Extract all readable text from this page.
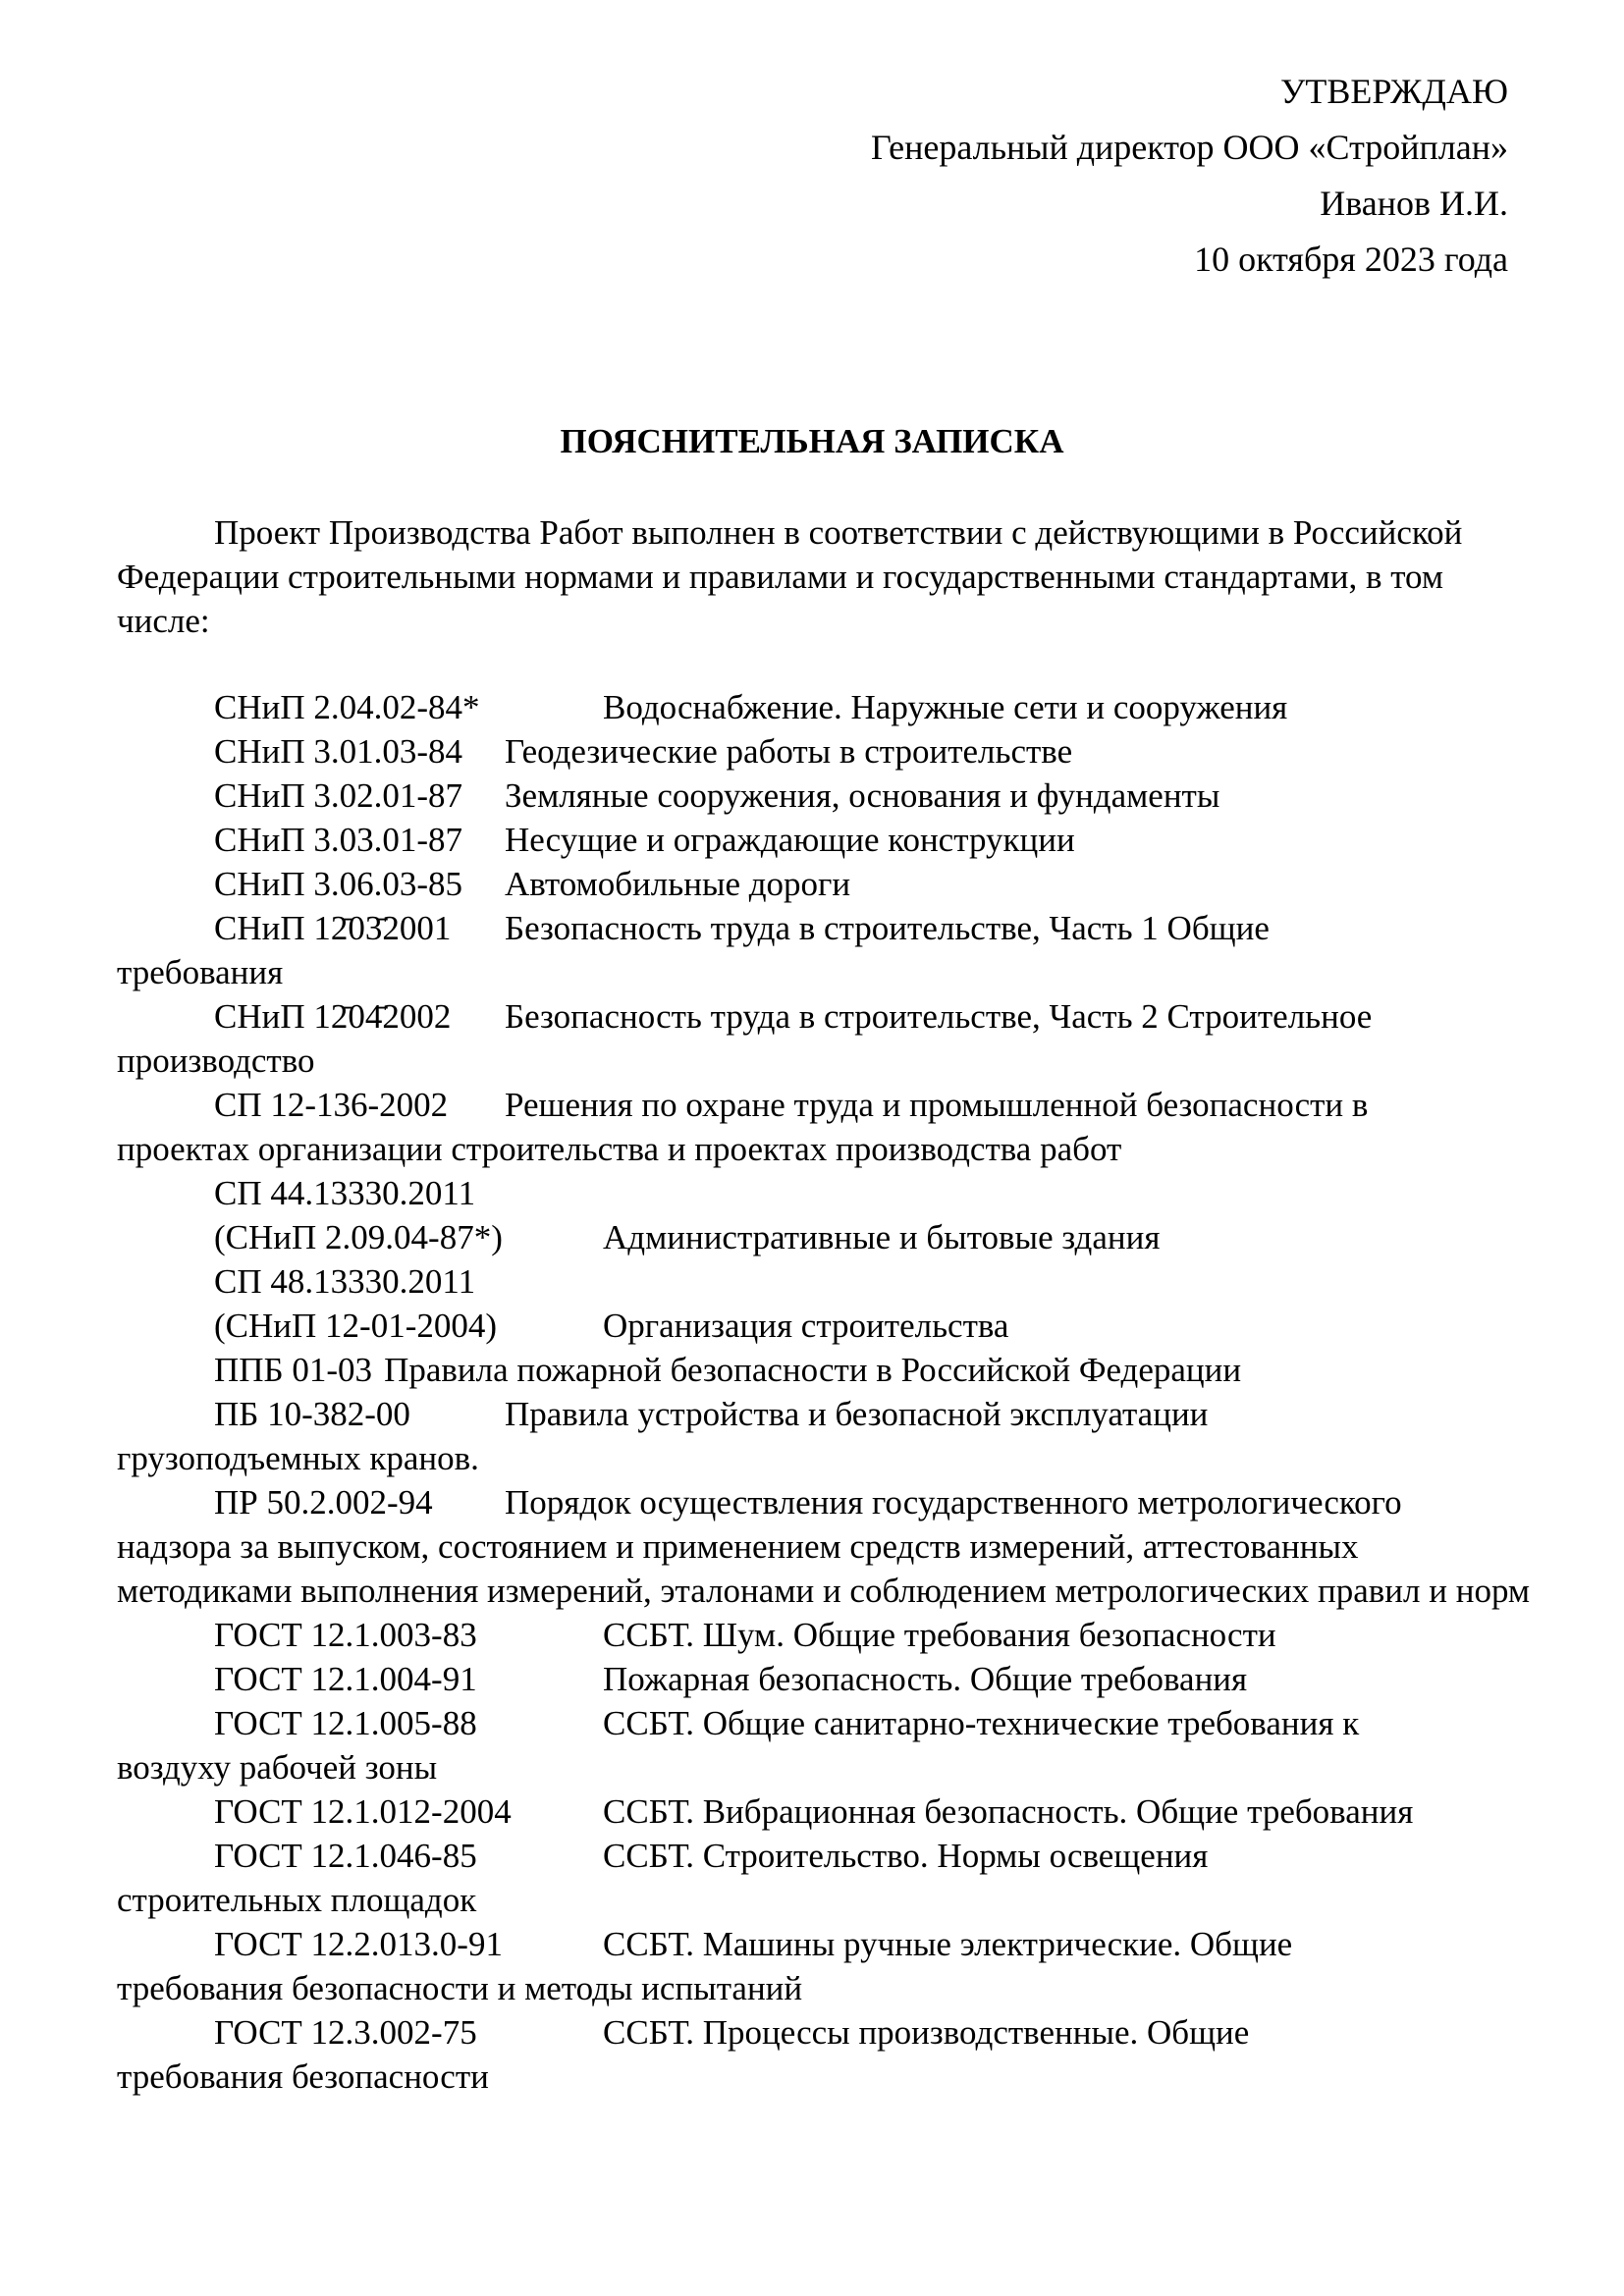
УТВЕРЖДАЮ
Генеральный директор ООО «Стройплан»
Иванов И.И.
10 октября 2023 года
ПОЯСНИТЕЛЬНАЯ ЗАПИСКА

Проект Производства Работ выполнен в соответствии с действующими в Российской Федерации строительными нормами и правилами и государственными стандартами, в том числе:

СНиП 2.04.02-84*	Водоснабжение. Наружные сети и сооружения
СНиП 3.01.03-84 Геодезические работы в строительстве
СНиП 3.02.01-87 Земляные сооружения, основания и фундаменты
СНиП 3.03.01-87 Несущие и ограждающие конструкции
СНиП 3.06.03-85 Автомобильные дороги
СНиП 12̄03̄2001 Безопасность труда в строительстве, Часть 1 Общие
требования
СНиП 12̄04̄2002 Безопасность труда в строительстве, Часть 2 Строительное
производство
СП 12-136-2002 Решения по охране труда и промышленной безопасности в
проектах организации строительства и проектах производства работ
СП 44.13330.2011
(СНиП 2.09.04-87*)	Административные и бытовые здания
СП 48.13330.2011
(СНиП 12-01-2004)	Организация строительства
ППБ 01-03 Правила пожарной безопасности в Российской Федерации
ПБ 10-382-00	Правила устройства и безопасной эксплуатации
грузоподъемных кранов.
ПР 50.2.002-94 Порядок осуществления государственного метрологического
надзора за выпуском, состоянием и применением средств измерений, аттестованных методиками выполнения измерений, эталонами и соблюдением метрологических правил и норм
ГОСТ 12.1.003-83	ССБТ. Шум. Общие требования безопасности
ГОСТ 12.1.004-91	Пожарная безопасность. Общие требования
ГОСТ 12.1.005-88	ССБТ. Общие санитарно-технические требования к
воздуху рабочей зоны
ГОСТ 12.1.012-2004	ССБТ. Вибрационная безопасность. Общие требования
ГОСТ 12.1.046-85	ССБТ. Строительство. Нормы освещения
строительных площадок
ГОСТ 12.2.013.0-91	ССБТ. Машины ручные электрические. Общие
требования безопасности и методы испытаний
ГОСТ 12.3.002-75	ССБТ. Процессы производственные. Общие
требования безопасности
